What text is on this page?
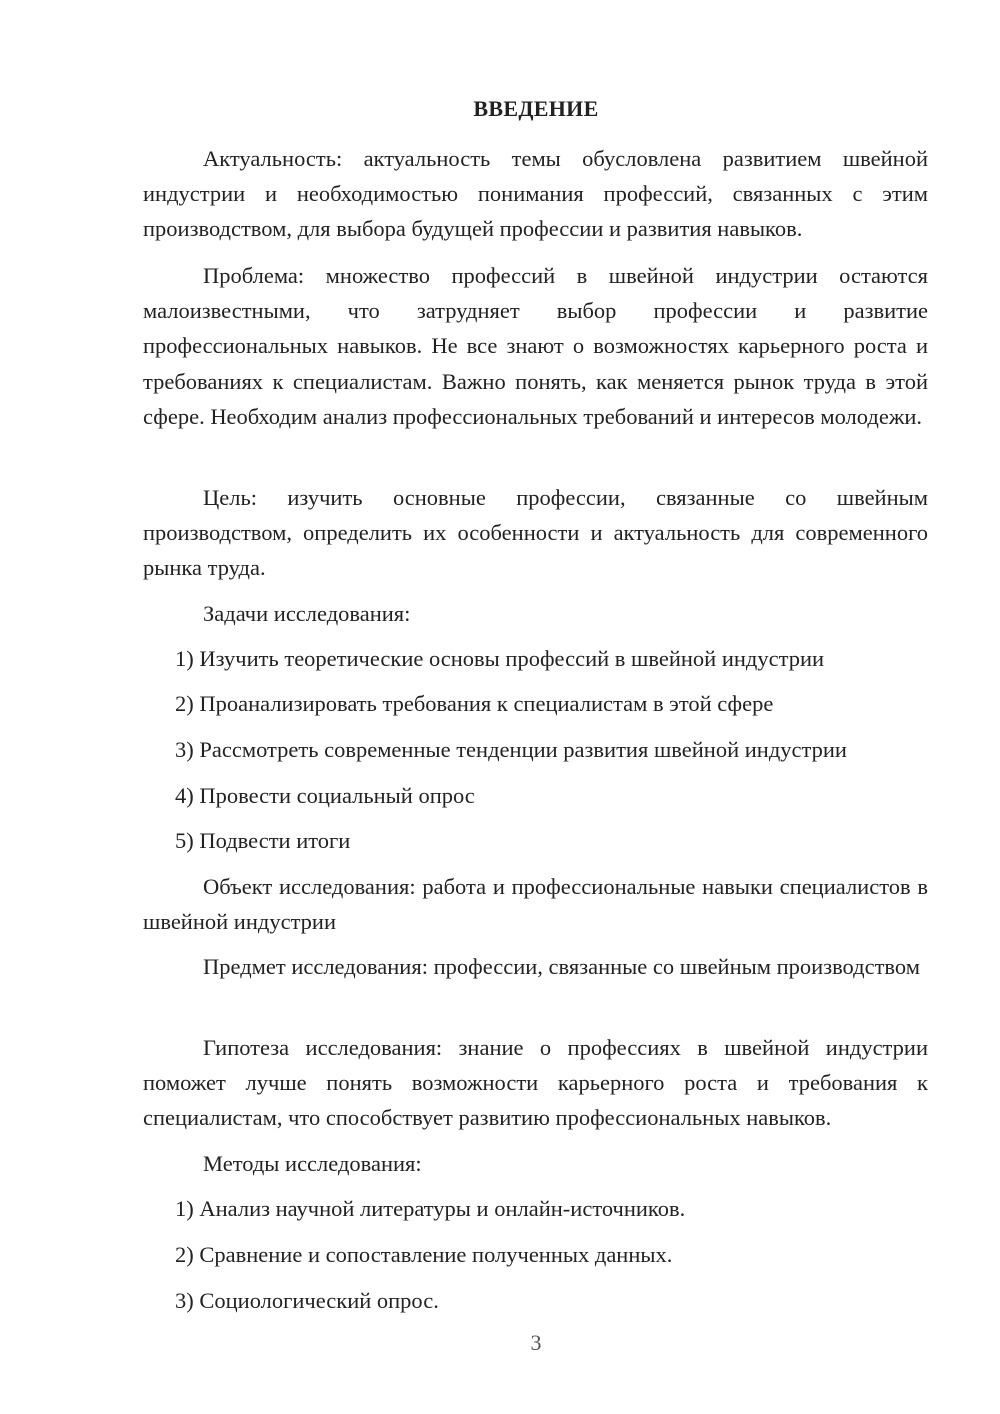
ВВЕДЕНИЕ

Актуальность: актуальность темы обусловлена развитием швейной индустрии и необходимостью понимания профессий, связанных с этим производством, для выбора будущей профессии и развития навыков.

Проблема: множество профессий в швейной индустрии остаются малоизвестными, что затрудняет выбор профессии и развитие профессиональных навыков. Не все знают о возможностях карьерного роста и требованиях к специалистам. Важно понять, как меняется рынок труда в этой сфере. Необходим анализ профессиональных требований и интересов молодежи.

Цель: изучить основные профессии, связанные со швейным производством, определить их особенности и актуальность для современного рынка труда.

Задачи исследования:

1) Изучить теоретические основы профессий в швейной индустрии

2) Проанализировать требования к специалистам в этой сфере

3) Рассмотреть современные тенденции развития швейной индустрии

4) Провести социальный опрос

5) Подвести итоги

Объект исследования: работа и профессиональные навыки специалистов в швейной индустрии

Предмет исследования: профессии, связанные со швейным производством

Гипотеза исследования: знание о профессиях в швейной индустрии поможет лучше понять возможности карьерного роста и требования к специалистам, что способствует развитию профессиональных навыков.

Методы исследования:

1) Анализ научной литературы и онлайн-источников.

2) Сравнение и сопоставление полученных данных.

3) Социологический опрос.

3
